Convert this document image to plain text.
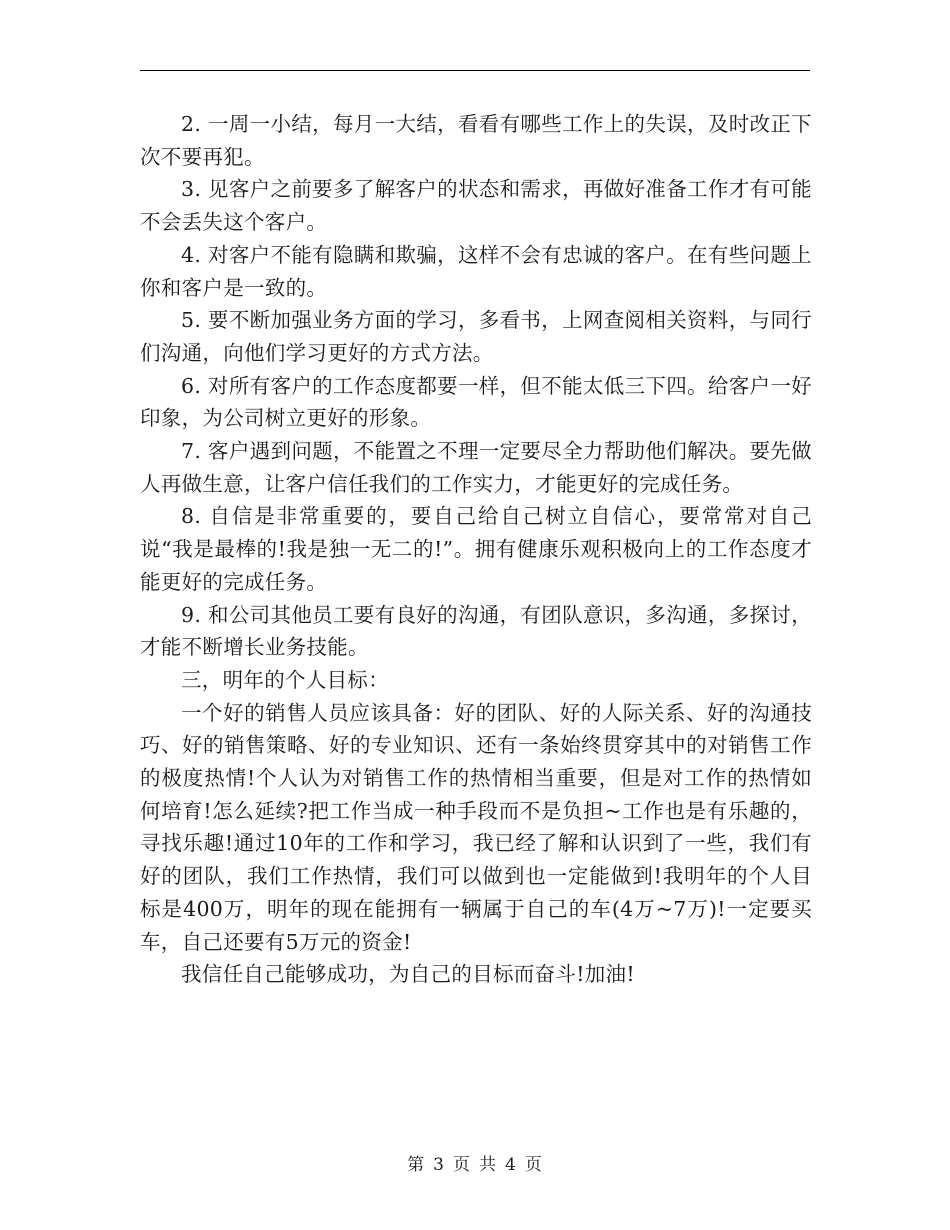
2. 一周一小结，每月一大结，看看有哪些工作上的失误，及时改正下次不要再犯。

3. 见客户之前要多了解客户的状态和需求，再做好准备工作才有可能不会丢失这个客户。

4. 对客户不能有隐瞒和欺骗，这样不会有忠诚的客户。在有些问题上你和客户是一致的。

5. 要不断加强业务方面的学习，多看书，上网查阅相关资料，与同行们沟通，向他们学习更好的方式方法。

6. 对所有客户的工作态度都要一样，但不能太低三下四。给客户一好印象，为公司树立更好的形象。

7. 客户遇到问题，不能置之不理一定要尽全力帮助他们解决。要先做人再做生意，让客户信任我们的工作实力，才能更好的完成任务。

8. 自信是非常重要的，要自己给自己树立自信心，要常常对自己说“我是最棒的!我是独一无二的!”。拥有健康乐观积极向上的工作态度才能更好的完成任务。

9. 和公司其他员工要有良好的沟通，有团队意识，多沟通，多探讨，才能不断增长业务技能。

三，明年的个人目标：

一个好的销售人员应该具备：好的团队、好的人际关系、好的沟通技巧、好的销售策略、好的专业知识、还有一条始终贯穿其中的对销售工作的极度热情!个人认为对销售工作的热情相当重要，但是对工作的热情如何培育!怎么延续?把工作当成一种手段而不是负担~工作也是有乐趣的，寻找乐趣!通过10年的工作和学习，我已经了解和认识到了一些，我们有好的团队，我们工作热情，我们可以做到也一定能做到!我明年的个人目标是400万，明年的现在能拥有一辆属于自己的车(4万~7万)!一定要买车，自己还要有5万元的资金!

我信任自己能够成功，为自己的目标而奋斗!加油!

第 3 页 共 4 页
